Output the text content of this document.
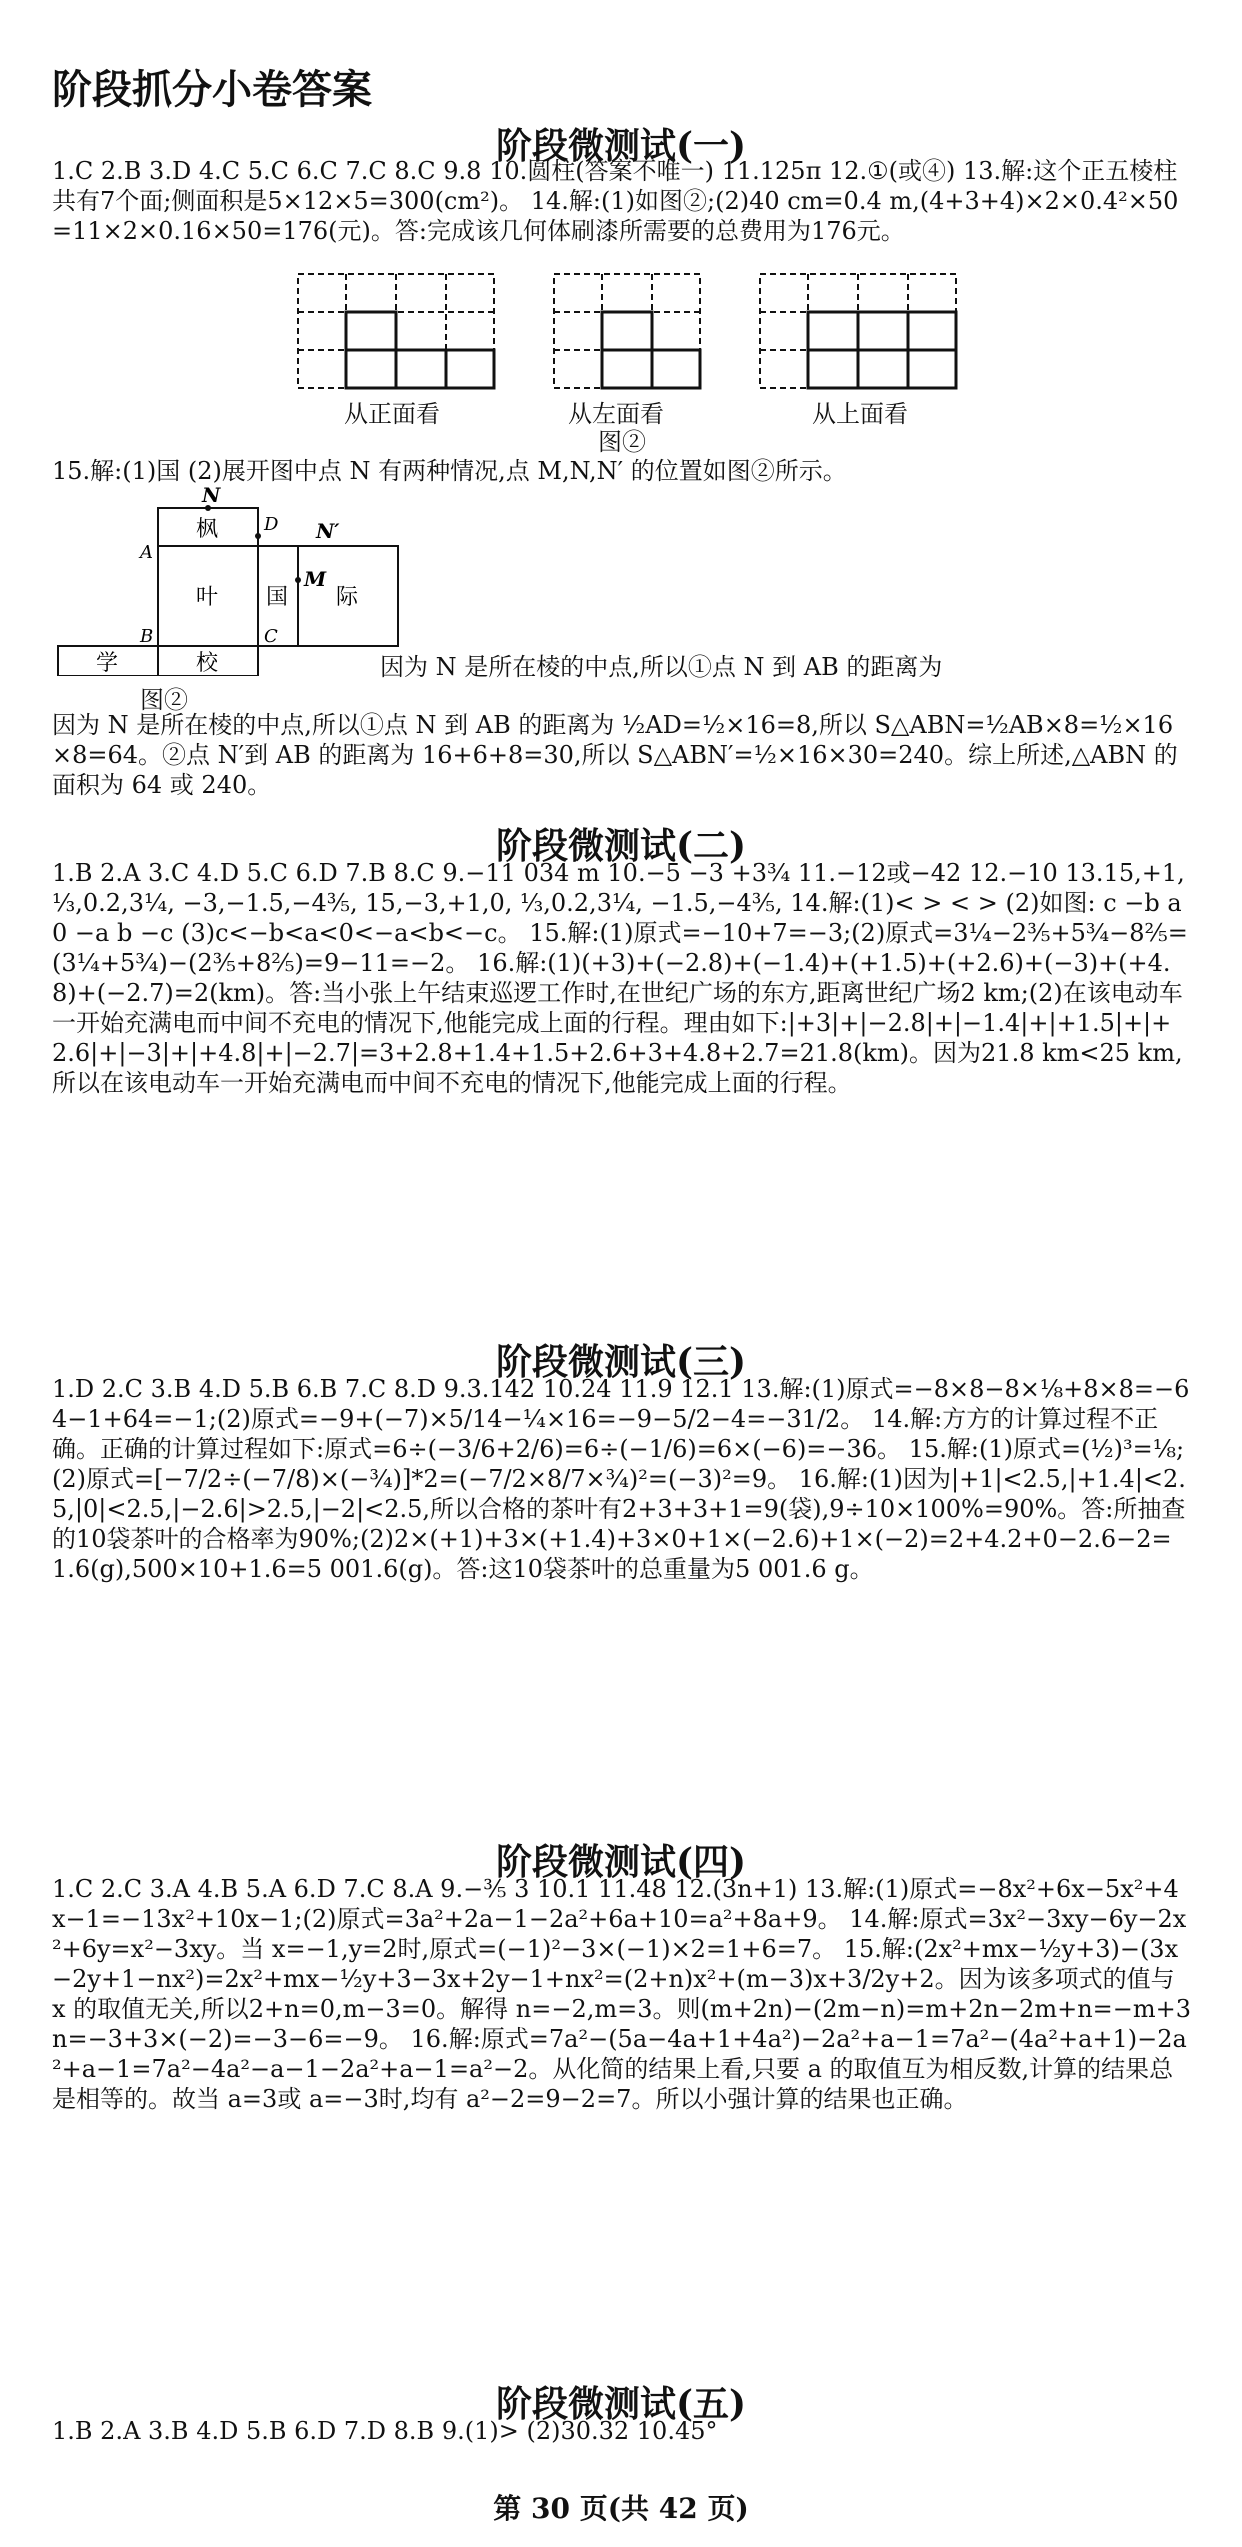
阶段抓分小卷答案
阶段微测试(一)

1.C 2.B 3.D 4.C 5.C 6.C 7.C 8.C 9.8 10.圆柱(答案不唯一) 11.125π 12.①(或④) 13.解:这个正五棱柱共有7个面;侧面积是5×12×5=300(cm²)。 14.解:(1)如图②;(2)40 cm=0.4 m,(4+3+4)×2×0.4²×50=11×2×0.16×50=176(元)。答:完成该几何体刷漆所需要的总费用为176元。

从正面看	从左面看
图②
从上面看

15.解:(1)国 (2)展开图中点 N 有两种情况,点 M,N,N′ 的位置如图②所示。

N
N′
A
B	C
D
M
枫
叶 国 际
学	校
图②

因为 N 是所在棱的中点,所以①点 N 到 AB 的距离为

因为 N 是所在棱的中点,所以①点 N 到 AB 的距离为 ½AD=½×16=8,所以 S△ABN=½AB×8=½×16×8=64。②点 N′到 AB 的距离为 16+6+8=30,所以 S△ABN′=½×16×30=240。综上所述,△ABN 的面积为 64 或 240。

阶段微测试(二)

1.B 2.A 3.C 4.D 5.C 6.D 7.B 8.C 9.−11 034 m 10.−5 −3 +3¾ 11.−12或−42 12.−10 13.15,+1,⅓,0.2,3¼, −3,−1.5,−4⅗, 15,−3,+1,0, ⅓,0.2,3¼, −1.5,−4⅗, 14.解:(1)< > < > (2)如图: c −b a 0 −a b −c (3)c<−b<a<0<−a<b<−c。 15.解:(1)原式=−10+7=−3;(2)原式=3¼−2⅗+5¾−8⅖=(3¼+5¾)−(2⅗+8⅖)=9−11=−2。 16.解:(1)(+3)+(−2.8)+(−1.4)+(+1.5)+(+2.6)+(−3)+(+4.8)+(−2.7)=2(km)。答:当小张上午结束巡逻工作时,在世纪广场的东方,距离世纪广场2 km;(2)在该电动车一开始充满电而中间不充电的情况下,他能完成上面的行程。理由如下:|+3|+|−2.8|+|−1.4|+|+1.5|+|+2.6|+|−3|+|+4.8|+|−2.7|=3+2.8+1.4+1.5+2.6+3+4.8+2.7=21.8(km)。因为21.8 km<25 km,所以在该电动车一开始充满电而中间不充电的情况下,他能完成上面的行程。

阶段微测试(三)

1.D 2.C 3.B 4.D 5.B 6.B 7.C 8.D 9.3.142 10.24 11.9 12.1 13.解:(1)原式=−8×8−8×⅛+8×8=−64−1+64=−1;(2)原式=−9+(−7)×5/14−¼×16=−9−5/2−4=−31/2。 14.解:方方的计算过程不正确。正确的计算过程如下:原式=6÷(−3/6+2/6)=6÷(−1/6)=6×(−6)=−36。 15.解:(1)原式=(½)³=⅛;(2)原式=[−7/2÷(−7/8)×(−¾)]*2=(−7/2×8/7×¾)²=(−3)²=9。 16.解:(1)因为|+1|<2.5,|+1.4|<2.5,|0|<2.5,|−2.6|>2.5,|−2|<2.5,所以合格的茶叶有2+3+3+1=9(袋),9÷10×100%=90%。答:所抽查的10袋茶叶的合格率为90%;(2)2×(+1)+3×(+1.4)+3×0+1×(−2.6)+1×(−2)=2+4.2+0−2.6−2=1.6(g),500×10+1.6=5 001.6(g)。答:这10袋茶叶的总重量为5 001.6 g。

阶段微测试(四)

1.C 2.C 3.A 4.B 5.A 6.D 7.C 8.A 9.−⅗ 3 10.1 11.48 12.(3n+1) 13.解:(1)原式=−8x²+6x−5x²+4x−1=−13x²+10x−1;(2)原式=3a²+2a−1−2a²+6a+10=a²+8a+9。 14.解:原式=3x²−3xy−6y−2x²+6y=x²−3xy。当 x=−1,y=2时,原式=(−1)²−3×(−1)×2=1+6=7。 15.解:(2x²+mx−½y+3)−(3x−2y+1−nx²)=2x²+mx−½y+3−3x+2y−1+nx²=(2+n)x²+(m−3)x+3/2y+2。因为该多项式的值与 x 的取值无关,所以2+n=0,m−3=0。解得 n=−2,m=3。则(m+2n)−(2m−n)=m+2n−2m+n=−m+3n=−3+3×(−2)=−3−6=−9。 16.解:原式=7a²−(5a−4a+1+4a²)−2a²+a−1=7a²−(4a²+a+1)−2a²+a−1=7a²−4a²−a−1−2a²+a−1=a²−2。从化简的结果上看,只要 a 的取值互为相反数,计算的结果总是相等的。故当 a=3或 a=−3时,均有 a²−2=9−2=7。所以小强计算的结果也正确。

阶段微测试(五)

1.B 2.A 3.B 4.D 5.B 6.D 7.D 8.B 9.(1)> (2)30.32 10.45°

第 30 页(共 42 页)
